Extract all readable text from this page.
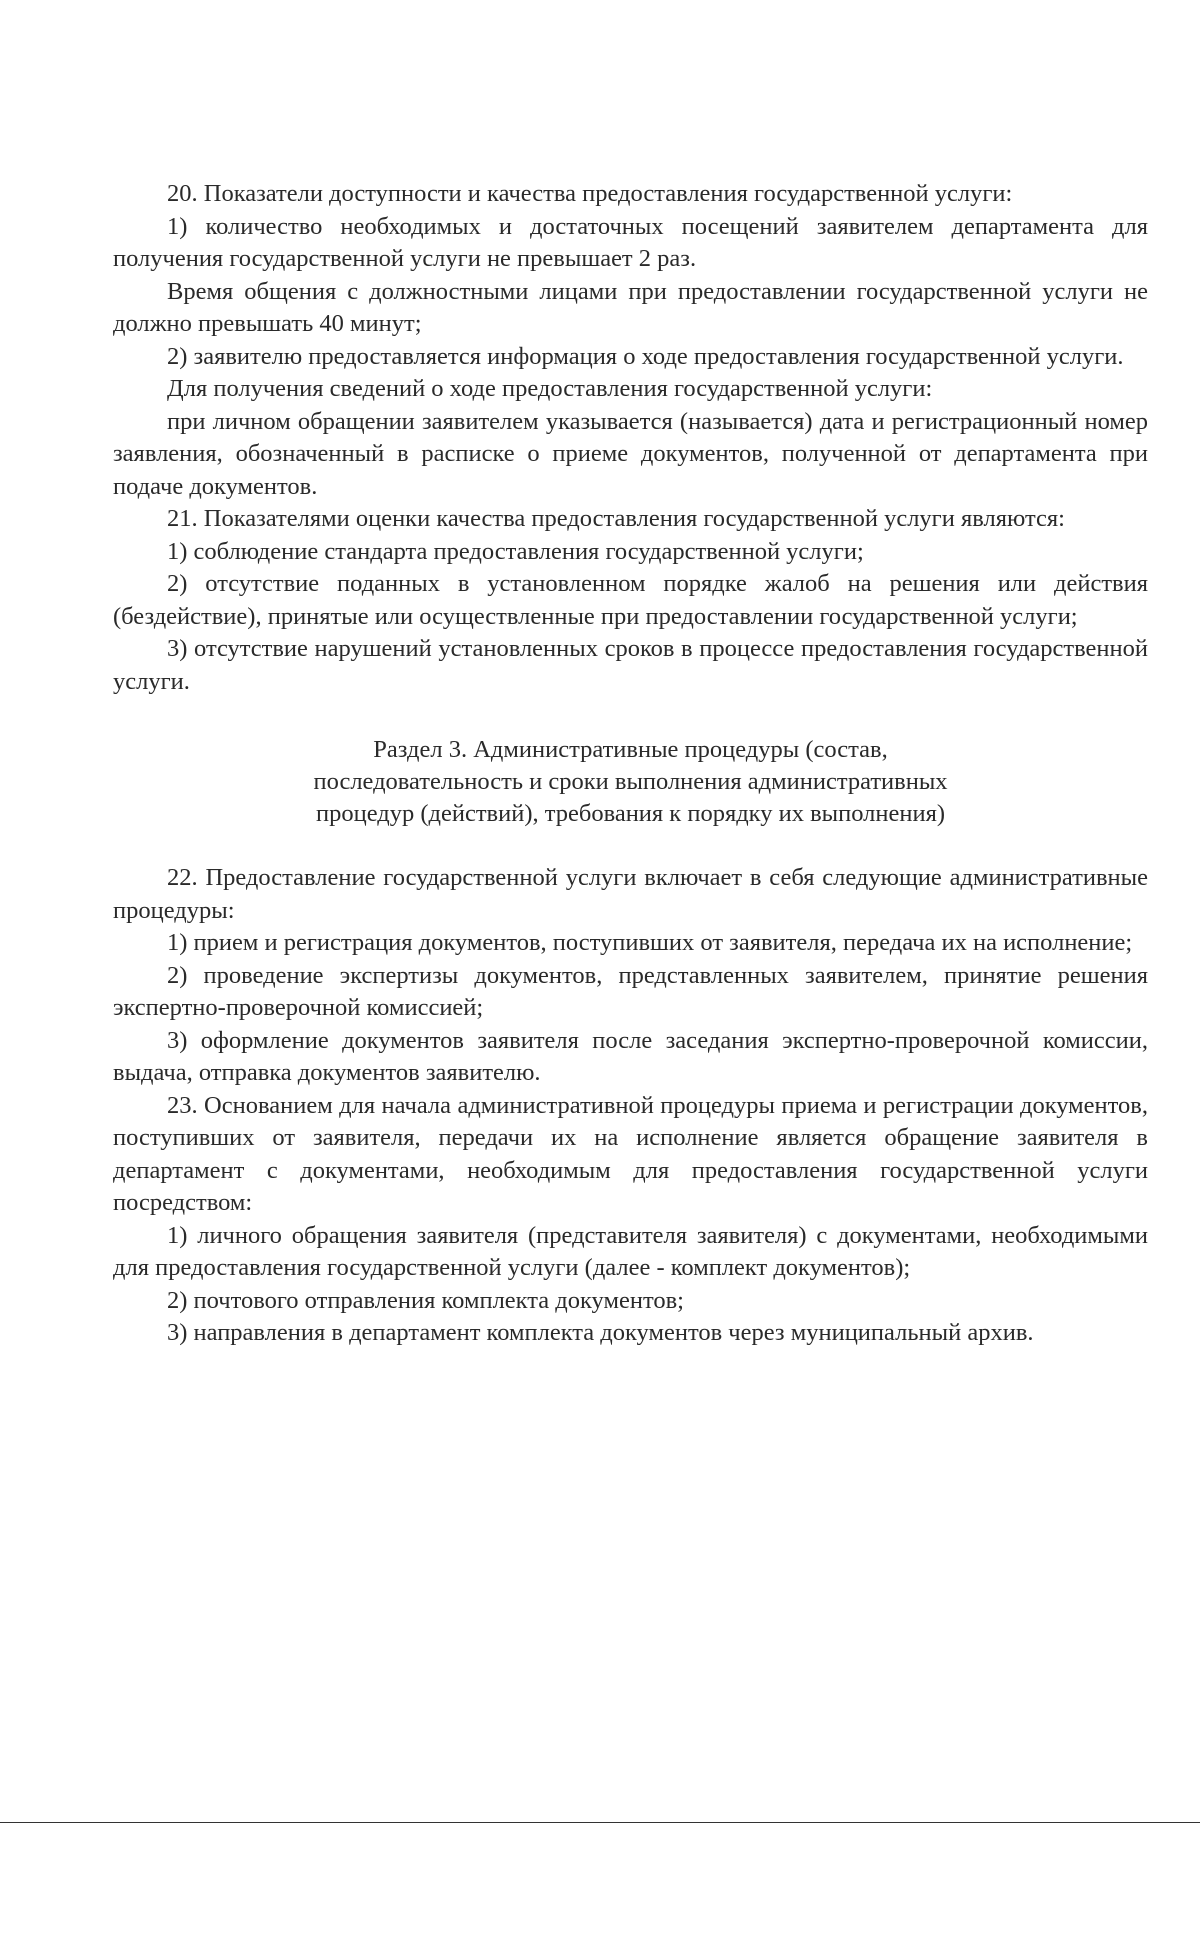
20. Показатели доступности и качества предоставления государственной услуги:

1) количество необходимых и достаточных посещений заявителем департамента для получения государственной услуги не превышает 2 раз.

Время общения с должностными лицами при предоставлении государственной услуги не должно превышать 40 минут;

2) заявителю предоставляется информация о ходе предоставления государственной услуги.

Для получения сведений о ходе предоставления государственной услуги:

при личном обращении заявителем указывается (называется) дата и регистрационный номер заявления, обозначенный в расписке о приеме документов, полученной от департамента при подаче документов.

21. Показателями оценки качества предоставления государственной услуги являются:

1) соблюдение стандарта предоставления государственной услуги;

2) отсутствие поданных в установленном порядке жалоб на решения или действия (бездействие), принятые или осуществленные при предоставлении государственной услуги;

3) отсутствие нарушений установленных сроков в процессе предоставления государственной услуги.

Раздел 3. Административные процедуры (состав,
последовательность и сроки выполнения административных
процедур (действий), требования к порядку их выполнения)

22. Предоставление государственной услуги включает в себя следующие административные процедуры:

1) прием и регистрация документов, поступивших от заявителя, передача их на исполнение;

2) проведение экспертизы документов, представленных заявителем, принятие решения экспертно-проверочной комиссией;

3) оформление документов заявителя после заседания экспертно-проверочной комиссии, выдача, отправка документов заявителю.

23. Основанием для начала административной процедуры приема и регистрации документов, поступивших от заявителя, передачи их на исполнение является обращение заявителя в департамент с документами, необходимым для предоставления государственной услуги посредством:

1) личного обращения заявителя (представителя заявителя) с документами, необходимыми для предоставления государственной услуги (далее - комплект документов);

2) почтового отправления комплекта документов;

3) направления в департамент комплекта документов через муниципальный архив.
